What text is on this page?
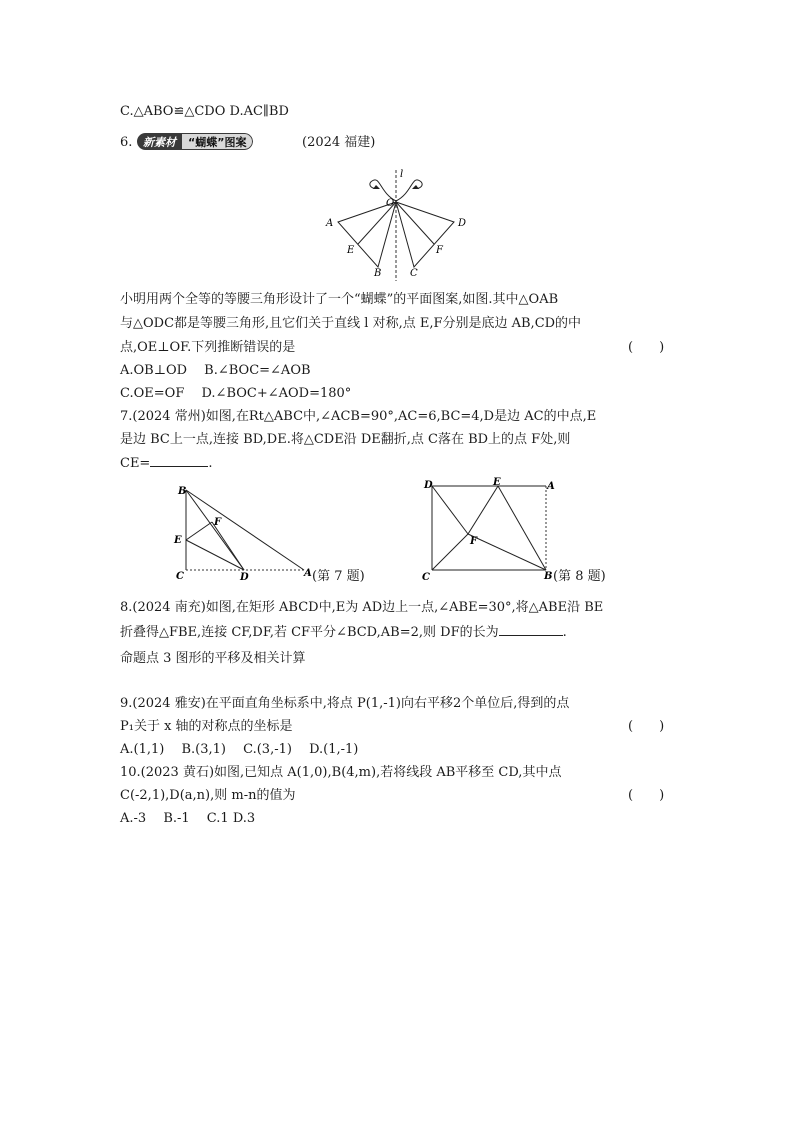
C.△ABO≌△CDO D.AC∥BD
6. 新素材	“蝴蝶”图案	(2024 福建)
l
O
A
E
B
D
F
C
小明用两个全等的等腰三角形设计了一个“蝴蝶”的平面图案,如图.其中△OAB
与△ODC都是等腰三角形,且它们关于直线 l 对称,点 E,F分别是底边 AB,CD的中
点,OE⊥OF.下列推断错误的是	(　　)
A.OB⊥OD　 B.∠BOC=∠AOB
C.OE=OF　 D.∠BOC+∠AOD=180°
7.(2024 常州)如图,在Rt△ABC中,∠ACB=90°,AC=6,BC=4,D是边 AC的中点,E
是边 BC上一点,连接 BD,DE.将△CDE沿 DE翻折,点 C落在 BD上的点 F处,则
CE=	.
B
F
E
C	D	A (第 7 题)
D	E	A
F
C	B (第 8 题)
8.(2024 南充)如图,在矩形 ABCD中,E为 AD边上一点,∠ABE=30°,将△ABE沿 BE
折叠得△FBE,连接 CF,DF,若 CF平分∠BCD,AB=2,则 DF的长为	.
命题点 3 图形的平移及相关计算
9.(2024 雅安)在平面直角坐标系中,将点 P(1,-1)向右平移2个单位后,得到的点
P₁关于 x 轴的对称点的坐标是	(　　)
A.(1,1)　 B.(3,1)　 C.(3,-1)　 D.(1,-1)
10.(2023 黄石)如图,已知点 A(1,0),B(4,m),若将线段 AB平移至 CD,其中点
C(-2,1),D(a,n),则 m-n的值为	(　　)
A.-3　 B.-1　 C.1 D.3
